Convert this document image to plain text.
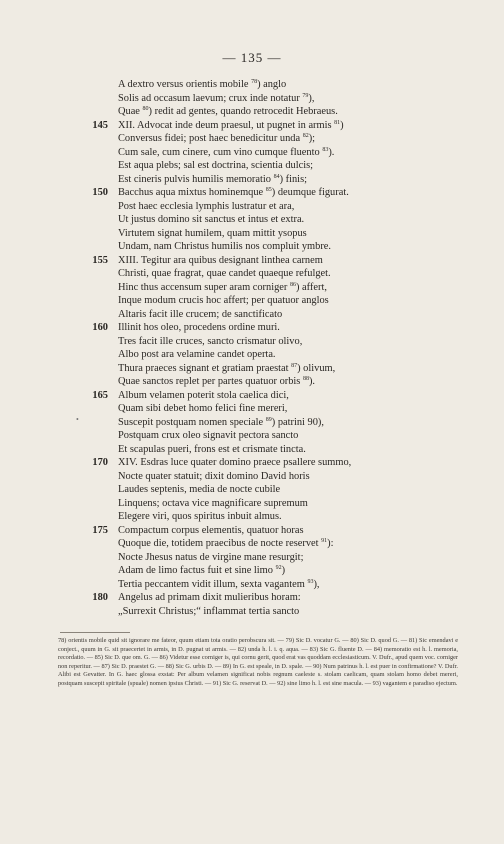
— 135 —
A dextro versus orientis mobile $^{78}$) anglo
Solis ad occasum laevum; crux inde notatur $^{79}$),
Quae $^{80}$) redit ad gentes, quando retrocedit Hebraeus.
145 XII. Advocat inde deum praesul, ut pugnet in armis $^{81}$)
Conversus fidei; post haec benedicitur unda $^{82}$);
Cum sale, cum cinere, cum vino cumque fluento $^{83}$).
Est aqua plebs; sal est doctrina, scientia dulcis;
Est cineris pulvis humilis memoratio $^{84}$) finis;
150 Bacchus aqua mixtus hominemque $^{85}$) deumque figurat.
Post haec ecclesia lymphis lustratur et ara,
Ut justus domino sit sanctus et intus et extra.
Virtutem signat humilem, quam mittit ysopus
Undam, nam Christus humilis nos compluit ymbre.
155 XIII. Tegitur ara quibus designant linthea carnem
Christi, quae fragrat, quae candet quaeque refulget.
Hinc thus accensum super aram corniger $^{86}$) affert,
Inque modum crucis hoc affert; per quatuor anglos
Altaris facit ille crucem; de sanctificato
160 Illinit hos oleo, procedens ordine muri.
Tres facit ille cruces, sancto crismatur olivo,
Albo post ara velamine candet operta.
Thura praeces signant et gratiam praestat $^{87}$) olivum,
Quae sanctos replet per partes quatuor orbis $^{88}$).
165 Album velamen poterit stola caelica dici,
Quam sibi debet homo felici fine mereri,
Suscepit postquam nomen speciale $^{89}$) patrini 90),
Postquam crux oleo signavit pectora sancto
Et scapulas pueri, frons est et crismate tincta.
170 XIV. Esdras luce quater domino praece psallere summo,
Nocte quater statuit; dixit domino David horis
Laudes septenis, media de nocte cubile
Linquens; octava vice magnificare supremum
Elegere viri, quos spiritus inbuit almus.
175 Compactum corpus elementis, quatuor horas
Quoque die, totidem praecibus de nocte reservet $^{91}$):
Nocte Jhesus natus de virgine mane resurgit;
Adam de limo factus fuit et sine limo $^{92}$)
Tertia peccantem vidit illum, sexta vagantem $^{93}$),
180 Angelus ad primam dixit mulieribus horam:
„Surrexit Christus;“ inflammat tertia sancto
•
78) orientis mobile quid sit ignorare me fateor, quum etiam tota oratio perobscura sit. — 79) Sic D. vocatur G. — 80) Sic D. quod G. — 81) Sic emendavi e conject., quum in G. sit praecertet in armis, in D. pugnat ut armis. — 82) unda h. l. i. q. aqua. — 83) Sic G. fluente D. — 84) memoratio est h. l. memoria, recordatio. — 85) Sic D. que om. G. — 86) Videtur esse corniger is, qui cornu gerit, quod erat vas quoddam ecclesiasticum. V. Dufr., apud quem voc. corniger non reperitur. — 87) Sic D. praestet G. — 88) Sic G. urbis D. — 89) In G. est speale, in D. spale. — 90) Num patrinus h. l. est puer in confirmatione? V. Dufr. Alibi est Gevatter. In G. haec glossa exstat: Per album velamen significat nobis regnum caeleste s. stolam caelicam, quam stolam homo debet mereri, postquam suscepit spiritale (spuale) nomen ipsius Christi. — 91) Sic G. reservat D. — 92) sine limo h. l. est sine macula. — 93) vagantem e paradiso ejectum.
